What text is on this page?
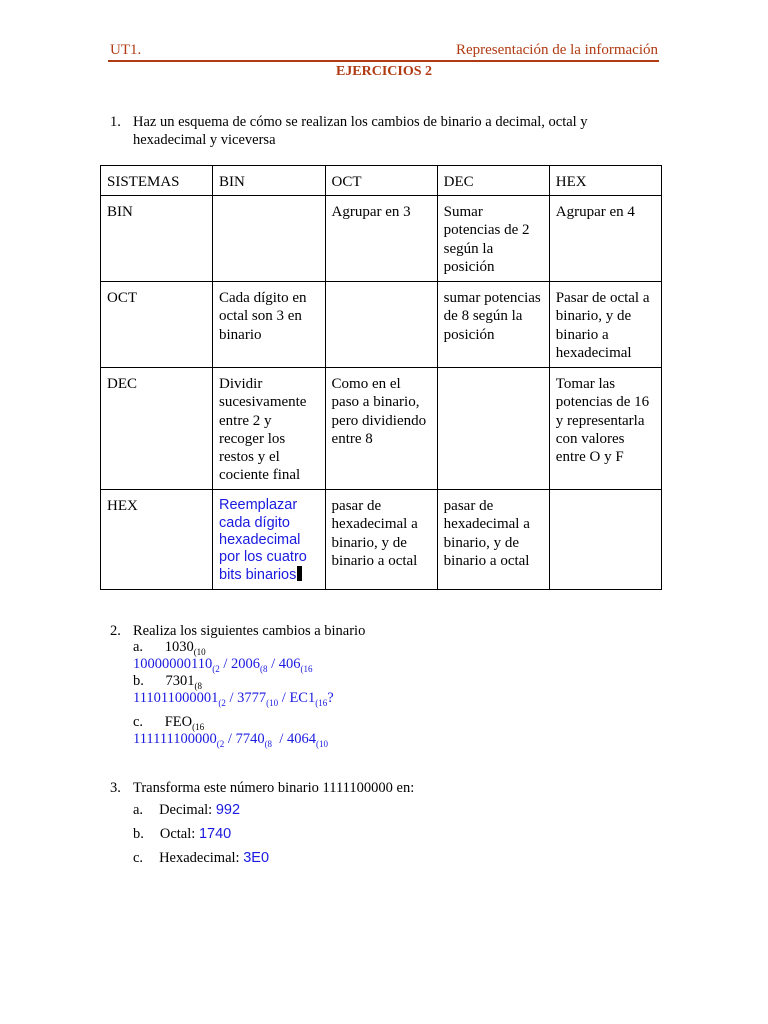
UT1.	Representación de la información
EJERCICIOS 2
1. Haz un esquema de cómo se realizan los cambios de binario a decimal, octal y
hexadecimal y viceversa
SISTEMAS	BIN	OCT	DEC	HEX
BIN		Agrupar en 3	Sumar potencias de 2 según la posición	Agrupar en 4
OCT	Cada dígito en octal son 3 en binario		sumar potencias de 8 según la posición	Pasar de octal a binario, y de binario a hexadecimal
DEC	Dividir sucesivamente entre 2 y recoger los restos y el cociente final	Como en el paso a binario, pero dividiendo entre 8		Tomar las potencias de 16 y representarla con valores entre O y F
HEX	Reemplazar cada dígito hexadecimal por los cuatro bits binarios	pasar de hexadecimal a binario, y de binario a octal	pasar de hexadecimal a binario, y de binario a octal	
2. Realiza los siguientes cambios a binario
a. $1030_{(10}$
$10000000110_{(2} / 2006_{(8} / 406_{(16}$
b. $7301_{(8}$
$111011000001_{(2} / 3777_{(10} / EC1_{(16}$?
c. $FEO_{(16}$
$111111100000_{(2} / 7740_{(8} / 4064_{(10}$
3. Transforma este número binario 1111100000 en:
a. Decimal: 992
b. Octal: 1740
c. Hexadecimal: 3E0
